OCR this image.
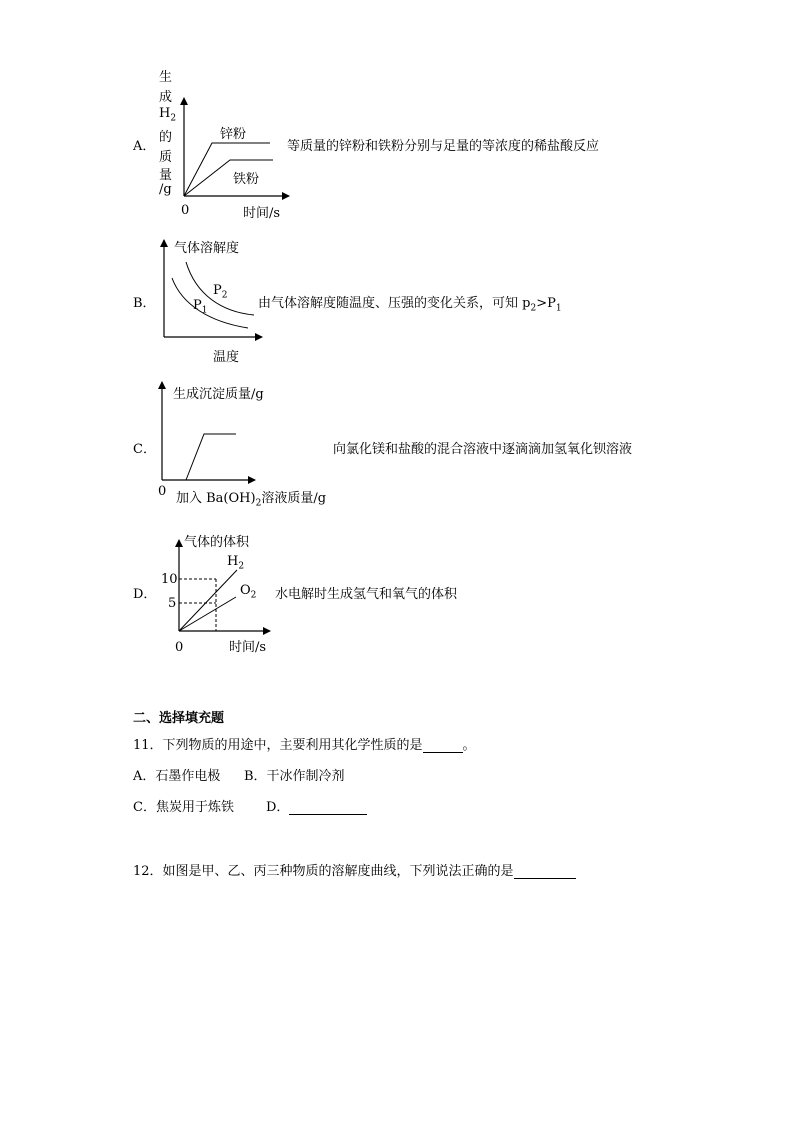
A．
生
成
$H_2$
的
质
量
/g
锌粉
铁粉
0	时间/s
等质量的锌粉和铁粉分别与足量的等浓度的稀盐酸反应
B．
气体溶解度
$P_2$
$P_1$
温度
由气体溶解度随温度、压强的变化关系，可知 $p_2>P_1$
C．
生成沉淀质量/g
0 加入 $Ba(OH)_2$溶液质量/g
向氯化镁和盐酸的混合溶液中逐滴滴加氢氧化钡溶液
D．
气体的体积
$H_2$
$O_2$
10
5
0	时间/s
水电解时生成氢气和氧气的体积
二、选择填充题
11．下列物质的用途中，主要利用其化学性质的是	。
A．石墨作电极 B．干冰作制冷剂
C．焦炭用于炼铁 D．
12．如图是甲、乙、丙三种物质的溶解度曲线，下列说法正确的是
